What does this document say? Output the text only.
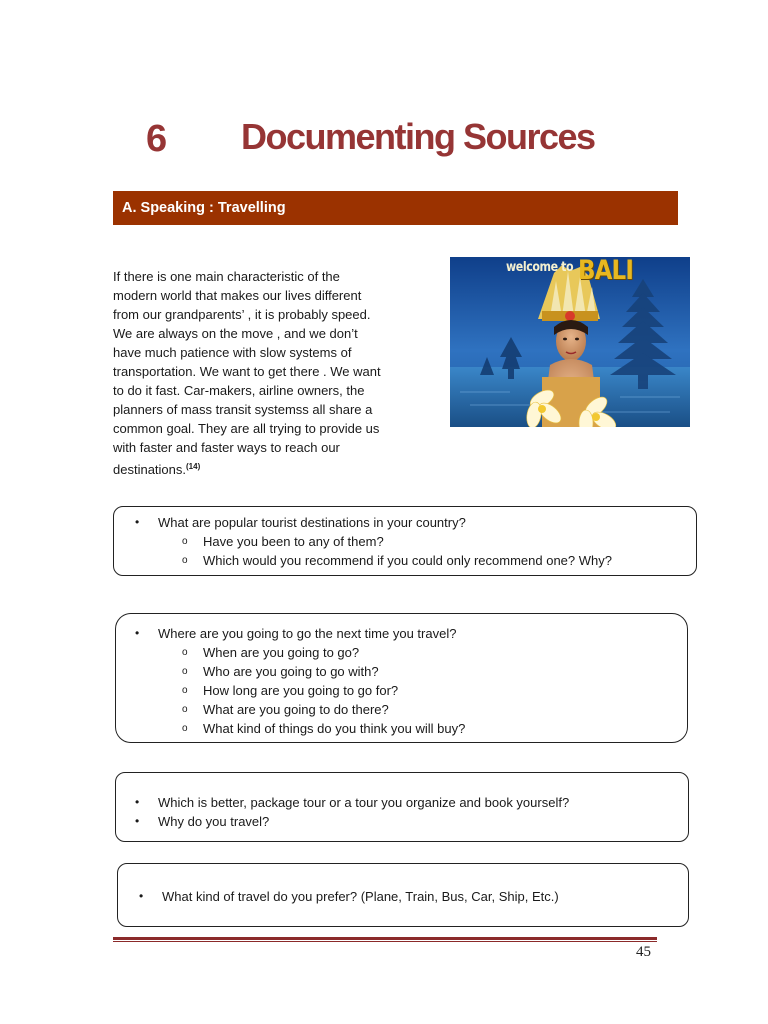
6 Documenting Sources
A. Speaking : Travelling
If there is one main characteristic of the
modern world that makes our lives different
from our grandparents’ , it is probably speed.
We are always on the move , and we don’t
have much patience with slow systems of
transportation. We want to get there . We want
to do it fast. Car-makers, airline owners, the
planners of mass transit systemss all share a
common goal. They are all trying to provide us
with faster and faster ways to reach our
destinations.$^{(14)}$
welcome to BALI
• What are popular tourist destinations in your country?
o Have you been to any of them?
o Which would you recommend if you could only recommend one? Why?
• Where are you going to go the next time you travel?
o When are you going to go?
o Who are you going to go with?
o How long are you going to go for?
o What are you going to do there?
o What kind of things do you think you will buy?
• Which is better, package tour or a tour you organize and book yourself?
• Why do you travel?
• What kind of travel do you prefer? (Plane, Train, Bus, Car, Ship, Etc.)
45
